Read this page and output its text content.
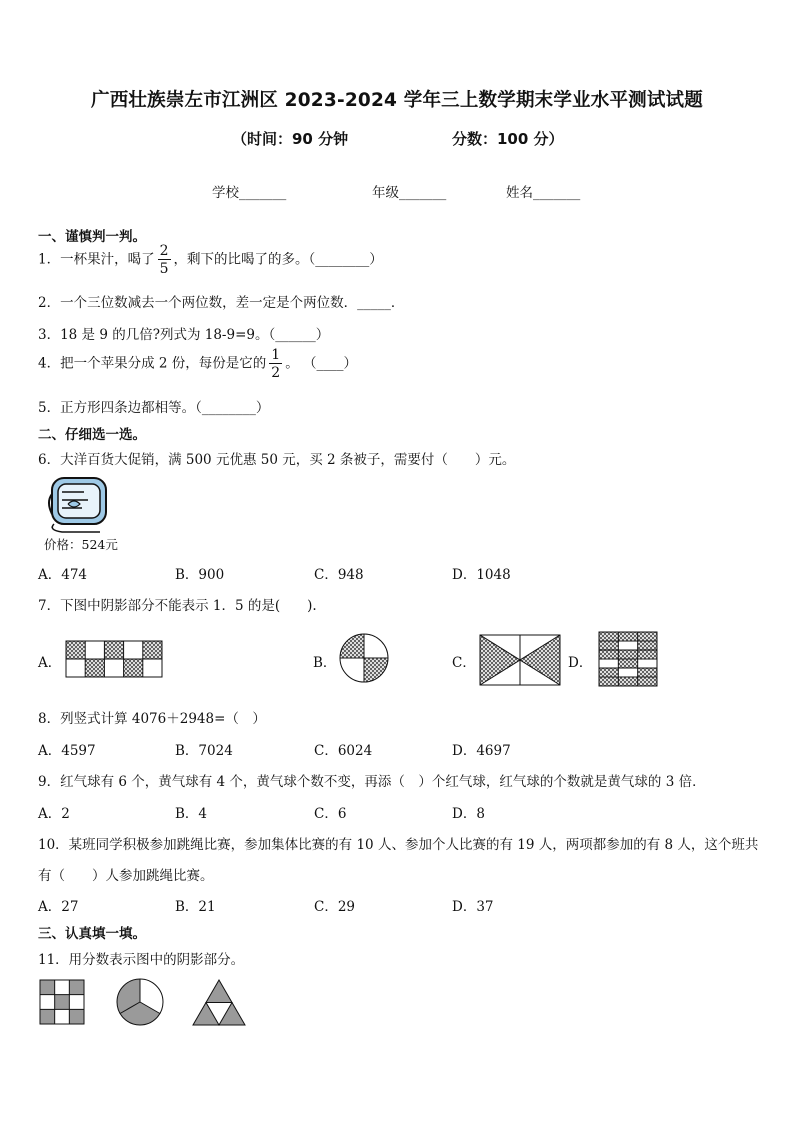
广西壮族崇左市江洲区 2023-2024 学年三上数学期末学业水平测试试题
（时间：90 分钟	分数：100 分）
学校_______	年级_______	姓名_______
一、谨慎判一判。
1．一杯果汁，喝了 $\frac{2}{5}$ ，剩下的比喝了的多。（________）
2．一个三位数减去一个两位数，差一定是个两位数．_____．
3．18 是 9 的几倍?列式为 18-9=9。（______）
4．把一个苹果分成 2 份，每份是它的 $\frac{1}{2}$ 。 （____）
5．正方形四条边都相等。（________）
二、仔细选一选。
6．大洋百货大促销，满 500 元优惠 50 元，买 2 条被子，需要付（　　）元。
价格：524元
A．474	B．900	C．948	D．1048
7．下图中阴影部分不能表示 1．5 的是(　　).
A．	B．	C．	D．
8．列竖式计算 4076＋2948=（　）
A．4597	B．7024	C．6024	D．4697
9．红气球有 6 个，黄气球有 4 个，黄气球个数不变，再添（　）个红气球，红气球的个数就是黄气球的 3 倍．
A．2	B．4	C．6	D．8
10．某班同学积极参加跳绳比赛，参加集体比赛的有 10 人、参加个人比赛的有 19 人，两项都参加的有 8 人，这个班共
有（　　）人参加跳绳比赛。
A．27	B．21	C．29	D．37
三、认真填一填。
11．用分数表示图中的阴影部分。
